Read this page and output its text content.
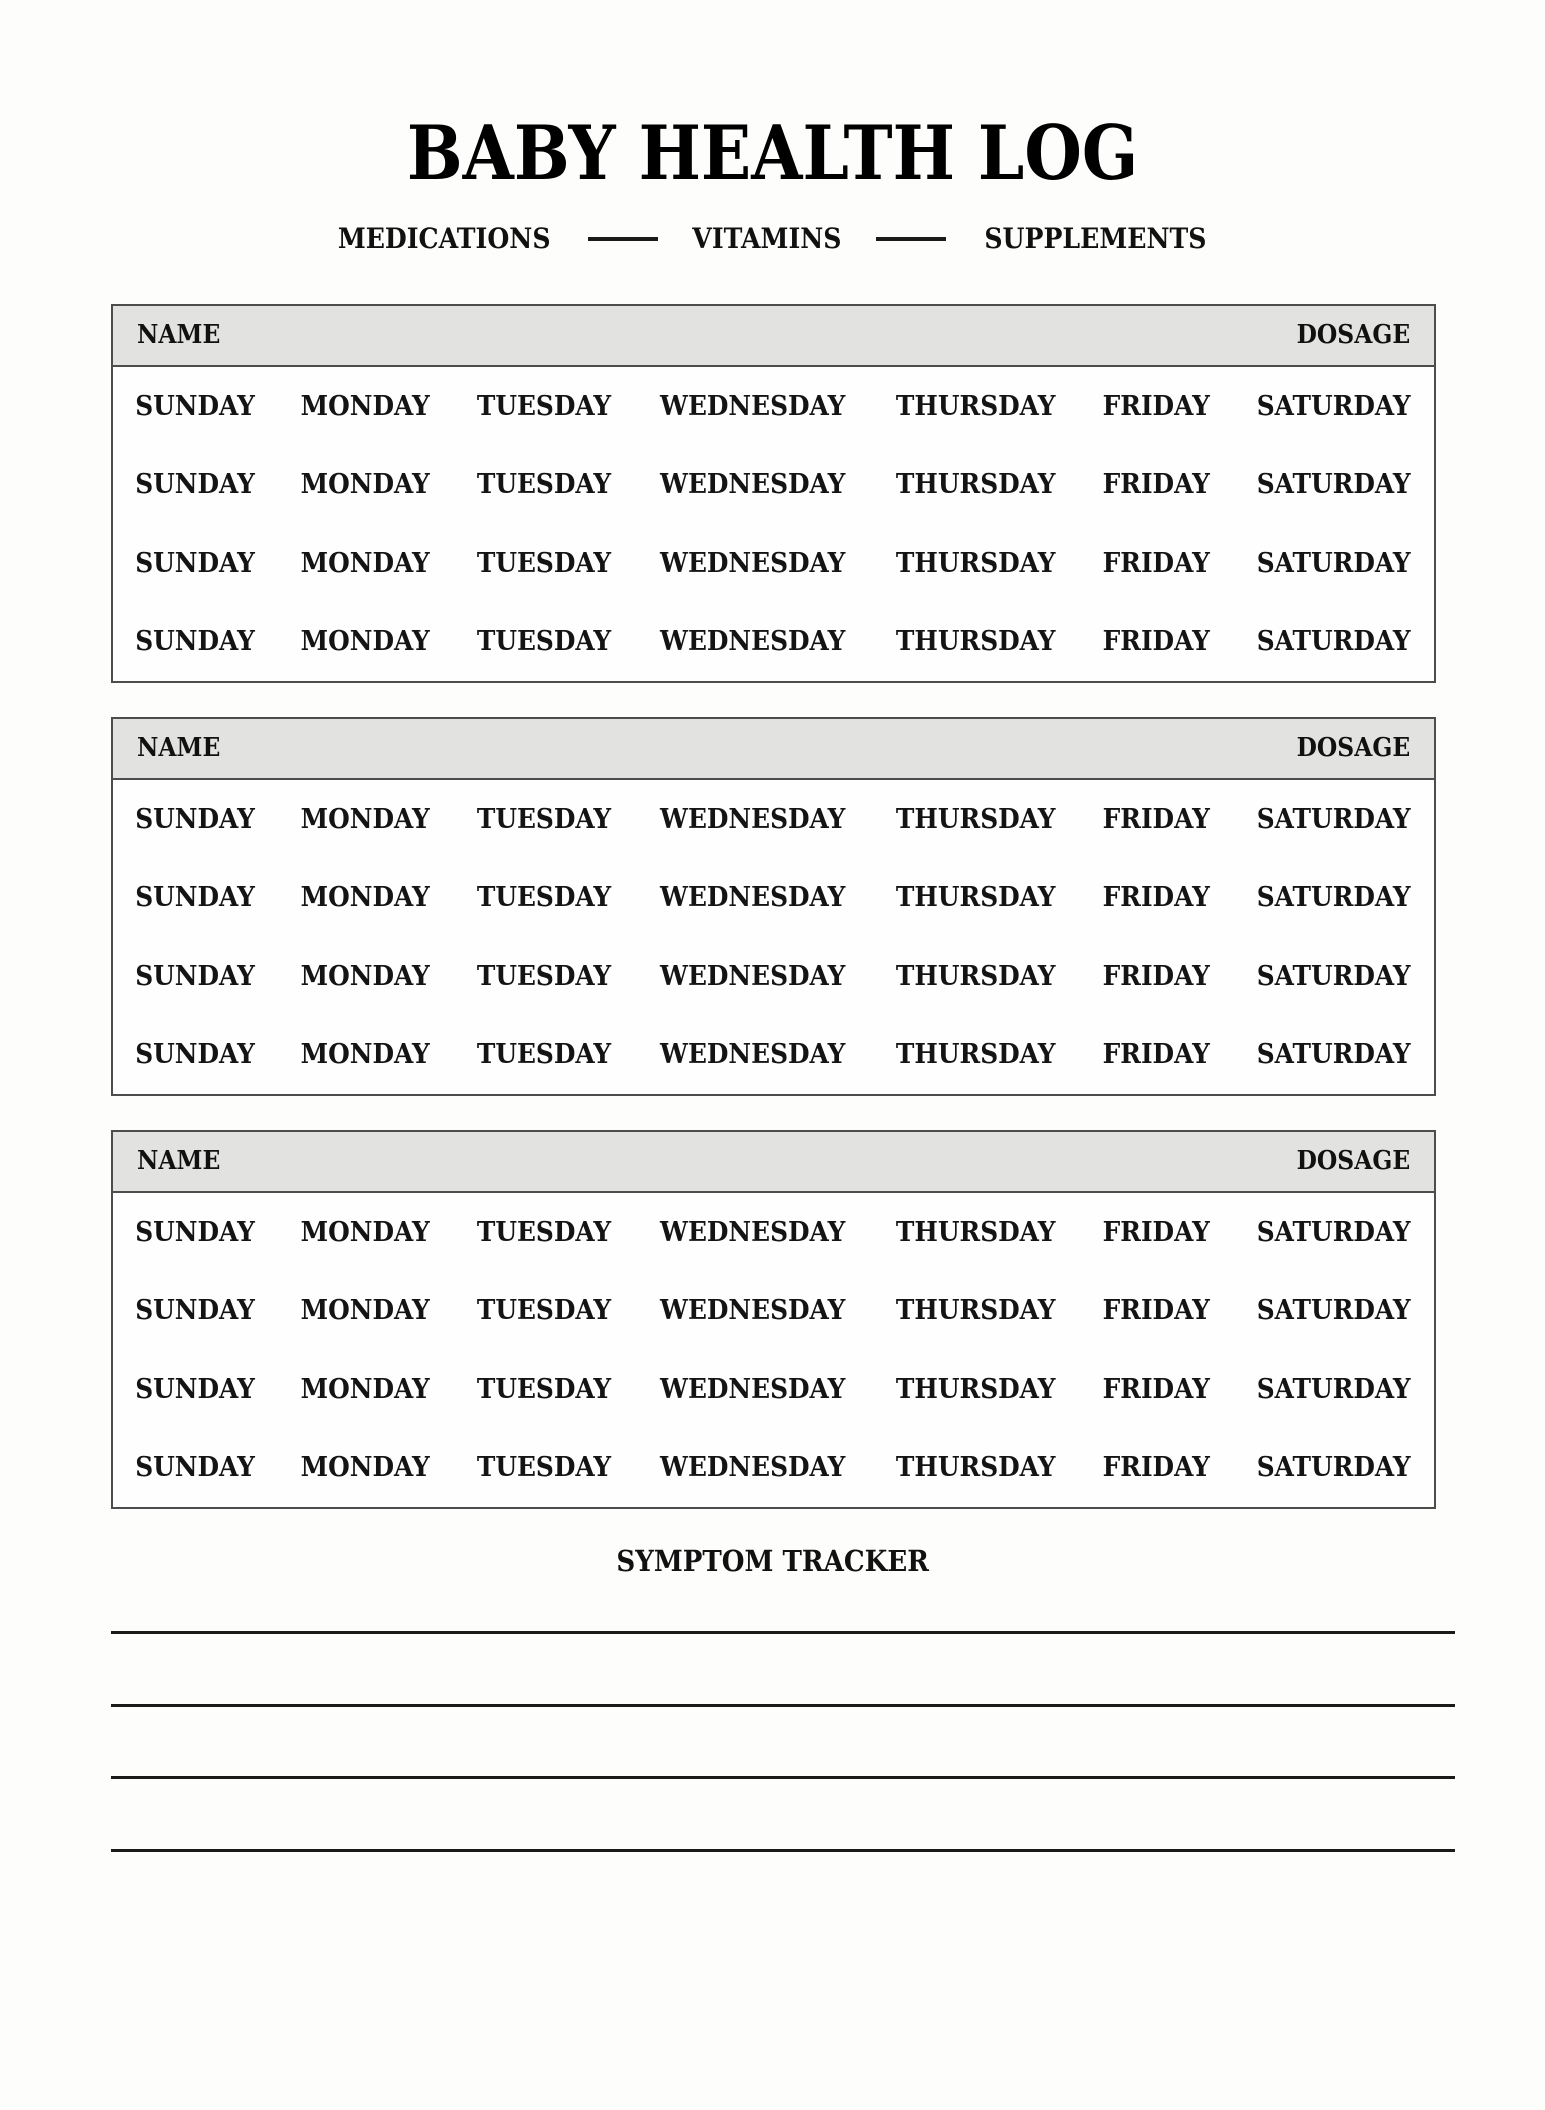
BABY HEALTH LOG
MEDICATIONS	VITAMINS	SUPPLEMENTS
NAME	DOSAGE
SUNDAY MONDAY TUESDAY WEDNESDAY THURSDAY FRIDAY SATURDAY
SUNDAY MONDAY TUESDAY WEDNESDAY THURSDAY FRIDAY SATURDAY
SUNDAY MONDAY TUESDAY WEDNESDAY THURSDAY FRIDAY SATURDAY
SUNDAY MONDAY TUESDAY WEDNESDAY THURSDAY FRIDAY SATURDAY
NAME	DOSAGE
SUNDAY MONDAY TUESDAY WEDNESDAY THURSDAY FRIDAY SATURDAY
SUNDAY MONDAY TUESDAY WEDNESDAY THURSDAY FRIDAY SATURDAY
SUNDAY MONDAY TUESDAY WEDNESDAY THURSDAY FRIDAY SATURDAY
SUNDAY MONDAY TUESDAY WEDNESDAY THURSDAY FRIDAY SATURDAY
NAME	DOSAGE
SUNDAY MONDAY TUESDAY WEDNESDAY THURSDAY FRIDAY SATURDAY
SUNDAY MONDAY TUESDAY WEDNESDAY THURSDAY FRIDAY SATURDAY
SUNDAY MONDAY TUESDAY WEDNESDAY THURSDAY FRIDAY SATURDAY
SUNDAY MONDAY TUESDAY WEDNESDAY THURSDAY FRIDAY SATURDAY
SYMPTOM TRACKER
